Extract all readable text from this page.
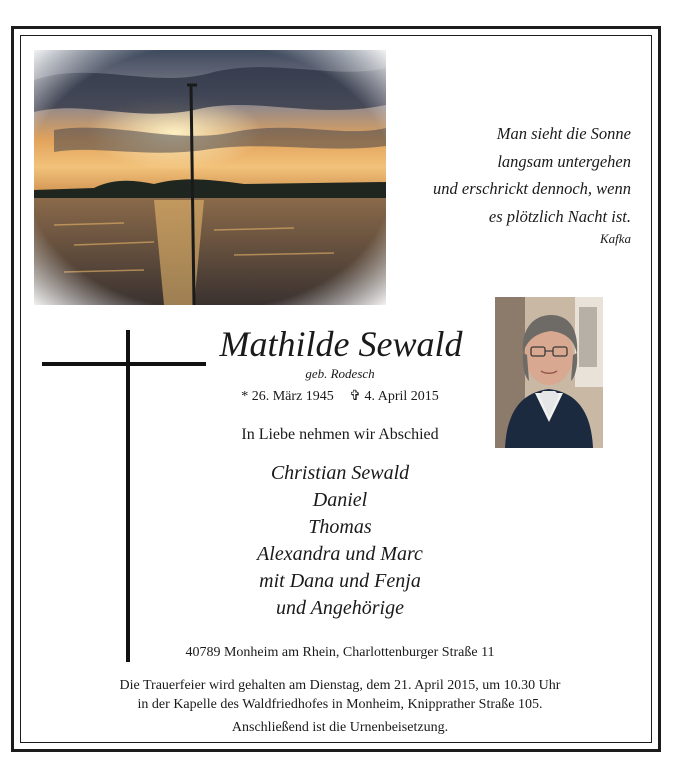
Man sieht die Sonne
langsam untergehen
und erschrickt dennoch, wenn
es plötzlich Nacht ist.
Kafka
Mathilde Sewald
geb. Rodesch
* 26. März 1945 ✞ 4. April 2015
In Liebe nehmen wir Abschied
Christian Sewald
Daniel
Thomas
Alexandra und Marc
mit Dana und Fenja
und Angehörige
40789 Monheim am Rhein, Charlottenburger Straße 11
Die Trauerfeier wird gehalten am Dienstag, dem 21. April 2015, um 10.30 Uhr
in der Kapelle des Waldfriedhofes in Monheim, Knipprather Straße 105.
Anschließend ist die Urnenbeisetzung.
